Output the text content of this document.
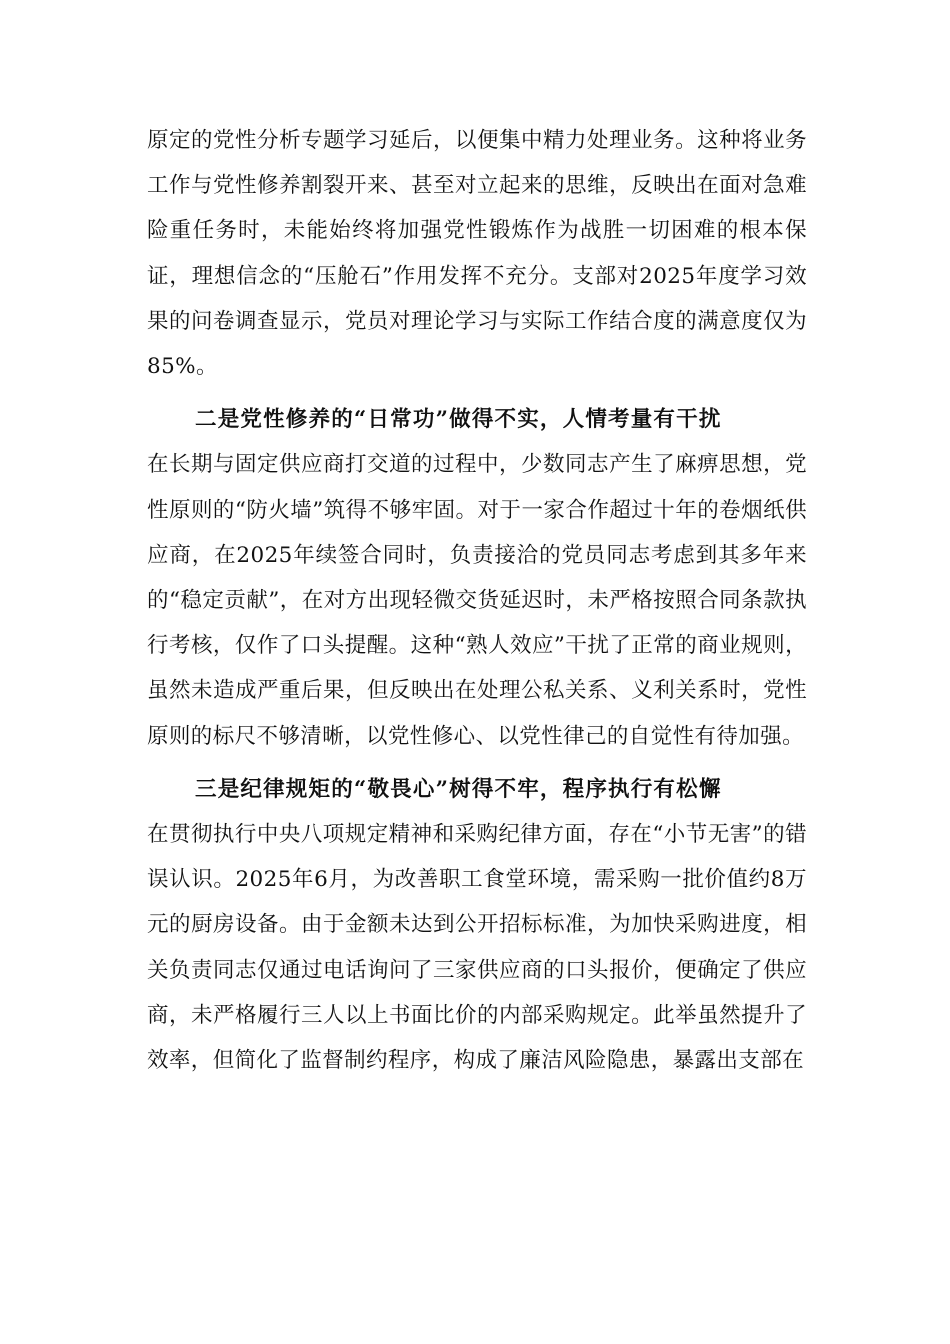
原定的党性分析专题学习延后，以便集中精力处理业务。这种将业务工作与党性修养割裂开来、甚至对立起来的思维，反映出在面对急难险重任务时，未能始终将加强党性锻炼作为战胜一切困难的根本保证，理想信念的“压舱石”作用发挥不充分。支部对2025年度学习效果的问卷调查显示，党员对理论学习与实际工作结合度的满意度仅为85%。

二是党性修养的“日常功”做得不实，人情考量有干扰

在长期与固定供应商打交道的过程中，少数同志产生了麻痹思想，党性原则的“防火墙”筑得不够牢固。对于一家合作超过十年的卷烟纸供应商，在2025年续签合同时，负责接洽的党员同志考虑到其多年来的“稳定贡献”，在对方出现轻微交货延迟时，未严格按照合同条款执行考核，仅作了口头提醒。这种“熟人效应”干扰了正常的商业规则，虽然未造成严重后果，但反映出在处理公私关系、义利关系时，党性原则的标尺不够清晰，以党性修心、以党性律己的自觉性有待加强。

三是纪律规矩的“敬畏心”树得不牢，程序执行有松懈

在贯彻执行中央八项规定精神和采购纪律方面，存在“小节无害”的错误认识。2025年6月，为改善职工食堂环境，需采购一批价值约8万元的厨房设备。由于金额未达到公开招标标准，为加快采购进度，相关负责同志仅通过电话询问了三家供应商的口头报价，便确定了供应商，未严格履行三人以上书面比价的内部采购规定。此举虽然提升了效率，但简化了监督制约程序，构成了廉洁风险隐患，暴露出支部在
